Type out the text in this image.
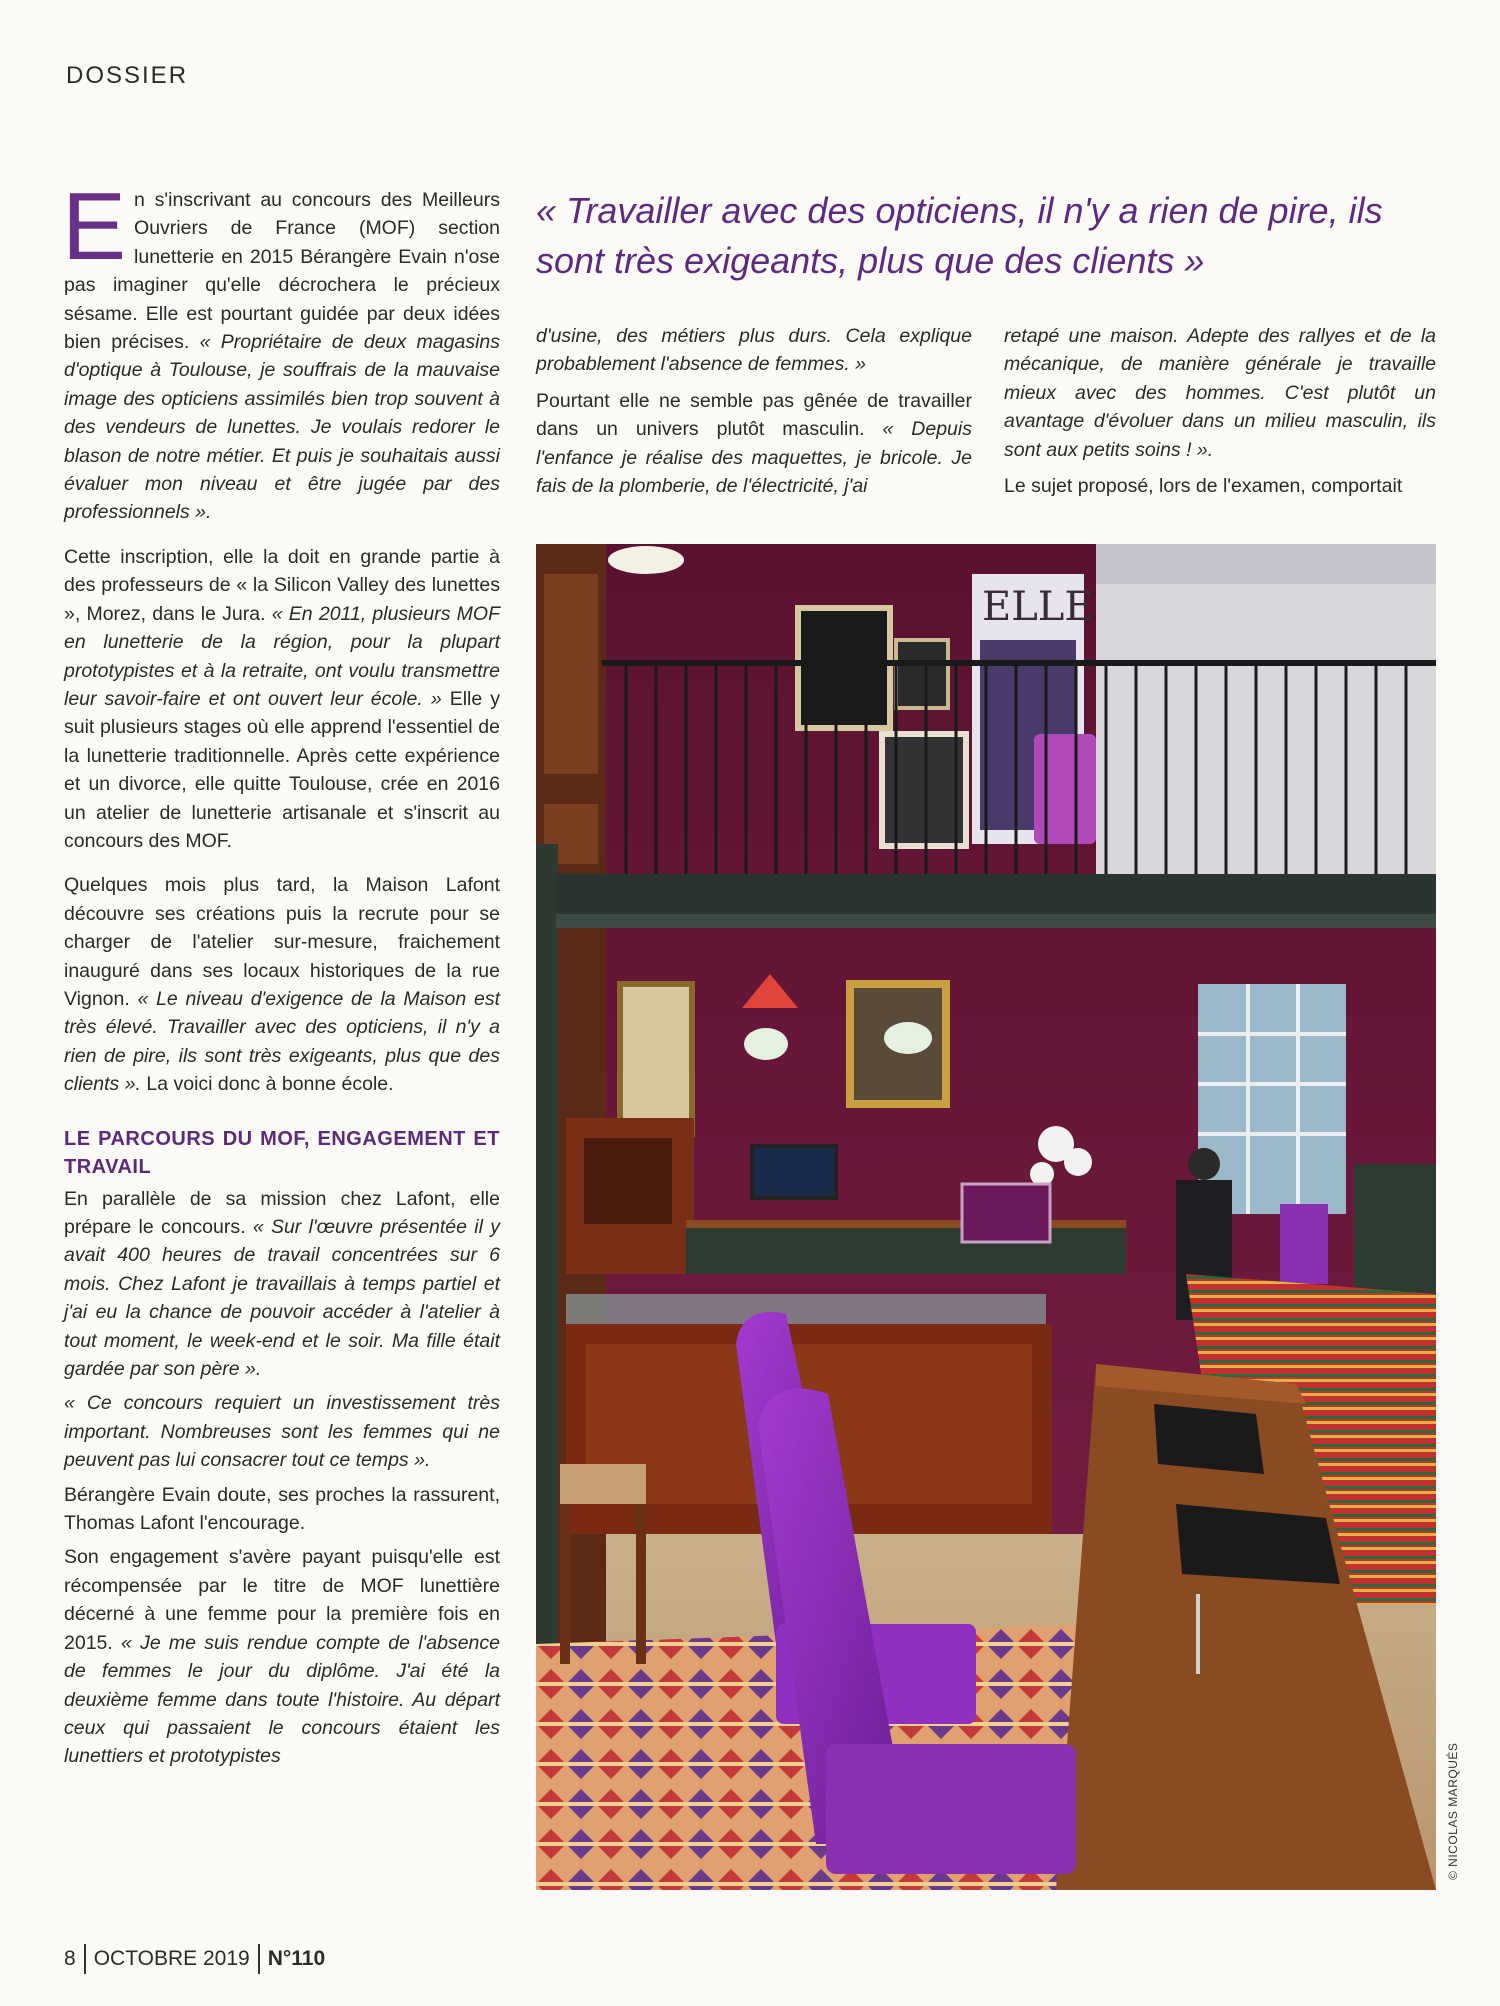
DOSSIER

En s'inscrivant au concours des Meilleurs Ouvriers de France (MOF) section lunetterie en 2015 Bérangère Evain n'ose pas imaginer qu'elle décrochera le précieux sésame. Elle est pourtant guidée par deux idées bien précises. « Propriétaire de deux magasins d'optique à Toulouse, je souffrais de la mauvaise image des opticiens assimilés bien trop souvent à des vendeurs de lunettes. Je voulais redorer le blason de notre métier. Et puis je souhaitais aussi évaluer mon niveau et être jugée par des professionnels ».

Cette inscription, elle la doit en grande partie à des professeurs de « la Silicon Valley des lunettes », Morez, dans le Jura. « En 2011, plusieurs MOF en lunetterie de la région, pour la plupart prototypistes et à la retraite, ont voulu transmettre leur savoir-faire et ont ouvert leur école. » Elle y suit plusieurs stages où elle apprend l'essentiel de la lunetterie traditionnelle. Après cette expérience et un divorce, elle quitte Toulouse, crée en 2016 un atelier de lunetterie artisanale et s'inscrit au concours des MOF.

Quelques mois plus tard, la Maison Lafont découvre ses créations puis la recrute pour se charger de l'atelier sur-mesure, fraichement inauguré dans ses locaux historiques de la rue Vignon. « Le niveau d'exigence de la Maison est très élevé. Travailler avec des opticiens, il n'y a rien de pire, ils sont très exigeants, plus que des clients ». La voici donc à bonne école.

LE PARCOURS DU MOF, ENGAGEMENT ET TRAVAIL

En parallèle de sa mission chez Lafont, elle prépare le concours. « Sur l'œuvre présentée il y avait 400 heures de travail concentrées sur 6 mois. Chez Lafont je travaillais à temps partiel et j'ai eu la chance de pouvoir accéder à l'atelier à tout moment, le week-end et le soir. Ma fille était gardée par son père ».

« Ce concours requiert un investissement très important. Nombreuses sont les femmes qui ne peuvent pas lui consacrer tout ce temps ».

Bérangère Evain doute, ses proches la rassurent, Thomas Lafont l'encourage.

Son engagement s'avère payant puisqu'elle est récompensée par le titre de MOF lunettière décerné à une femme pour la première fois en 2015. « Je me suis rendue compte de l'absence de femmes le jour du diplôme. J'ai été la deuxième femme dans toute l'histoire. Au départ ceux qui passaient le concours étaient les lunettiers et prototypistes

« Travailler avec des opticiens, il n'y a rien de pire, ils sont très exigeants, plus que des clients »

d'usine, des métiers plus durs. Cela explique probablement l'absence de femmes. »

Pourtant elle ne semble pas gênée de travailler dans un univers plutôt masculin. « Depuis l'enfance je réalise des maquettes, je bricole. Je fais de la plomberie, de l'électricité, j'ai

retapé une maison. Adepte des rallyes et de la mécanique, de manière générale je travaille mieux avec des hommes. C'est plutôt un avantage d'évoluer dans un milieu masculin, ils sont aux petits soins ! ».

Le sujet proposé, lors de l'examen, comportait

ELLE
© NICOLAS MARQUÉS
8 OCTOBRE 2019 N°110
